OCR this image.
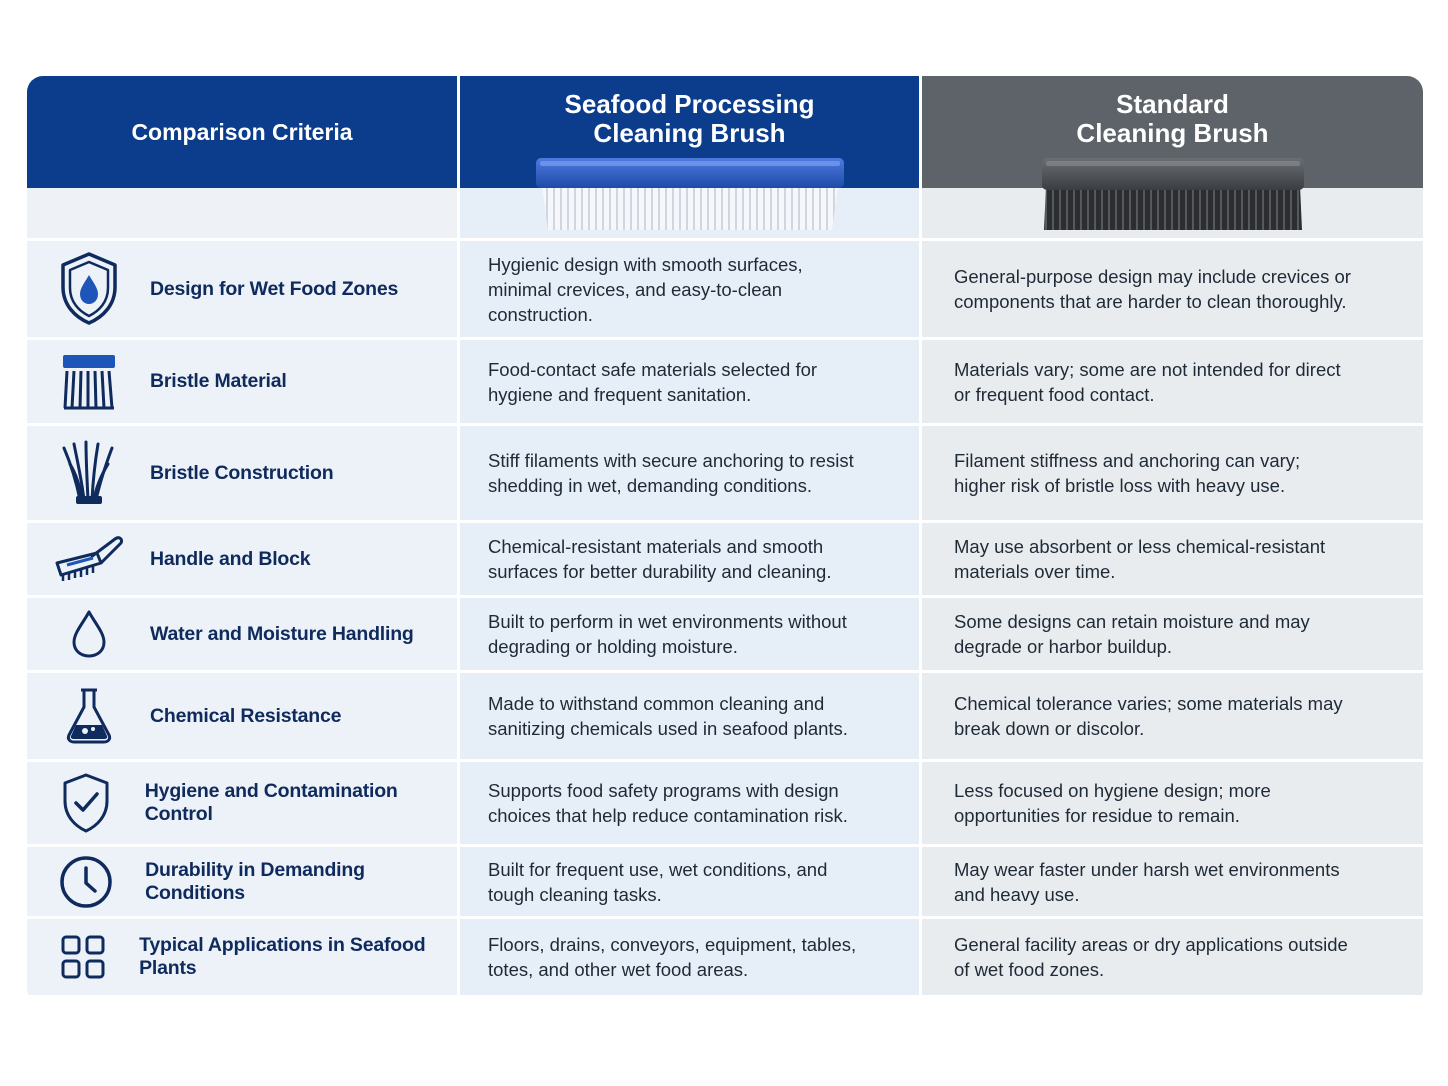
Comparison Criteria
Seafood Processing
Cleaning Brush
Standard
Cleaning Brush
Design for Wet Food Zones
Hygienic design with smooth surfaces, minimal crevices, and easy-to-clean construction.
General-purpose design may include crevices or components that are harder to clean thoroughly.
Bristle Material
Food-contact safe materials selected for hygiene and frequent sanitation.
Materials vary; some are not intended for direct or frequent food contact.
Bristle Construction
Stiff filaments with secure anchoring to resist shedding in wet, demanding conditions.
Filament stiffness and anchoring can vary; higher risk of bristle loss with heavy use.
Handle and Block
Chemical-resistant materials and smooth surfaces for better durability and cleaning.
May use absorbent or less chemical-resistant materials over time.
Water and Moisture Handling
Built to perform in wet environments without degrading or holding moisture.
Some designs can retain moisture and may degrade or harbor buildup.
Chemical Resistance
Made to withstand common cleaning and sanitizing chemicals used in seafood plants.
Chemical tolerance varies; some materials may break down or discolor.
Hygiene and Contamination Control
Supports food safety programs with design choices that help reduce contamination risk.
Less focused on hygiene design; more opportunities for residue to remain.
Durability in Demanding Conditions
Built for frequent use, wet conditions, and tough cleaning tasks.
May wear faster under harsh wet environments and heavy use.
Typical Applications in Seafood Plants
Floors, drains, conveyors, equipment, tables, totes, and other wet food areas.
General facility areas or dry applications outside of wet food zones.
